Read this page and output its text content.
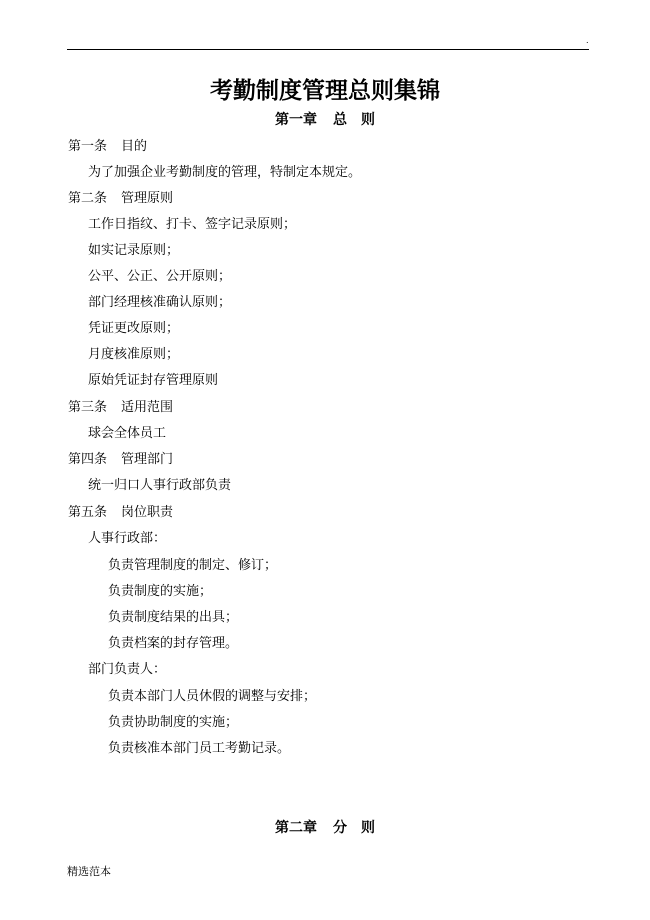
.
考勤制度管理总则集锦
第一章 总　则
第一条 目的
为了加强企业考勤制度的管理，特制定本规定。
第二条 管理原则
工作日指纹、打卡、签字记录原则；
如实记录原则；
公平、公正、公开原则；
部门经理核准确认原则；
凭证更改原则；
月度核准原则；
原始凭证封存管理原则
第三条 适用范围
球会全体员工
第四条 管理部门
统一归口人事行政部负责
第五条 岗位职责
人事行政部：
负责管理制度的制定、修订；
负责制度的实施；
负责制度结果的出具；
负责档案的封存管理。
部门负责人：
负责本部门人员休假的调整与安排；
负责协助制度的实施；
负责核准本部门员工考勤记录。
第二章 分　则
精选范本
